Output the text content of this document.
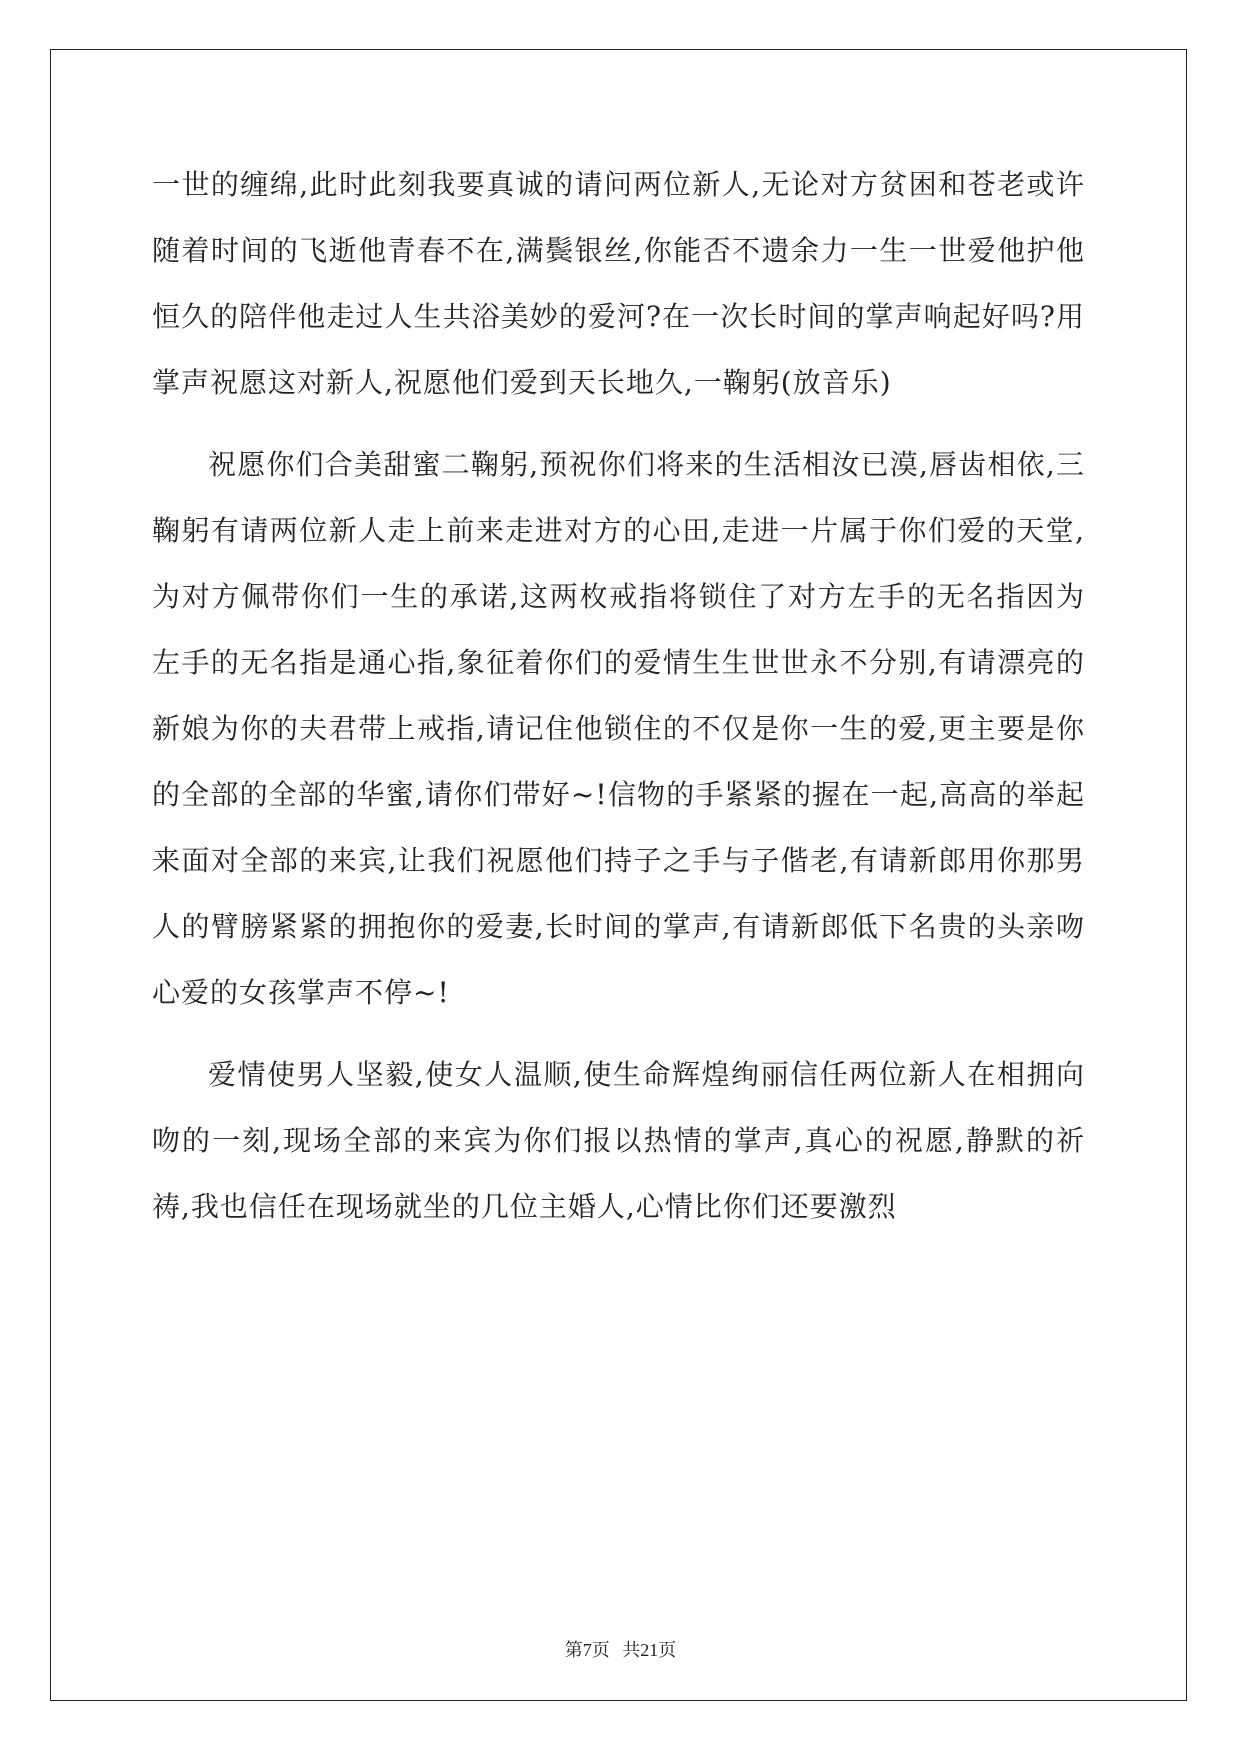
一世的缠绵,此时此刻我要真诚的请问两位新人,无论对方贫困和苍老或许随着时间的飞逝他青春不在,满鬓银丝,你能否不遗余力一生一世爱他护他恒久的陪伴他走过人生共浴美妙的爱河?在一次长时间的掌声响起好吗?用掌声祝愿这对新人,祝愿他们爱到天长地久,一鞠躬(放音乐)

祝愿你们合美甜蜜二鞠躬,预祝你们将来的生活相汝已漠,唇齿相依,三鞠躬有请两位新人走上前来走进对方的心田,走进一片属于你们爱的天堂,为对方佩带你们一生的承诺,这两枚戒指将锁住了对方左手的无名指因为左手的无名指是通心指,象征着你们的爱情生生世世永不分别,有请漂亮的新娘为你的夫君带上戒指,请记住他锁住的不仅是你一生的爱,更主要是你的全部的全部的华蜜,请你们带好~!信物的手紧紧的握在一起,高高的举起来面对全部的来宾,让我们祝愿他们持子之手与子偕老,有请新郎用你那男人的臂膀紧紧的拥抱你的爱妻,长时间的掌声,有请新郎低下名贵的头亲吻心爱的女孩掌声不停~!

爱情使男人坚毅,使女人温顺,使生命辉煌绚丽信任两位新人在相拥向吻的一刻,现场全部的来宾为你们报以热情的掌声,真心的祝愿,静默的祈祷,我也信任在现场就坐的几位主婚人,心情比你们还要激烈

第7页 共21页
